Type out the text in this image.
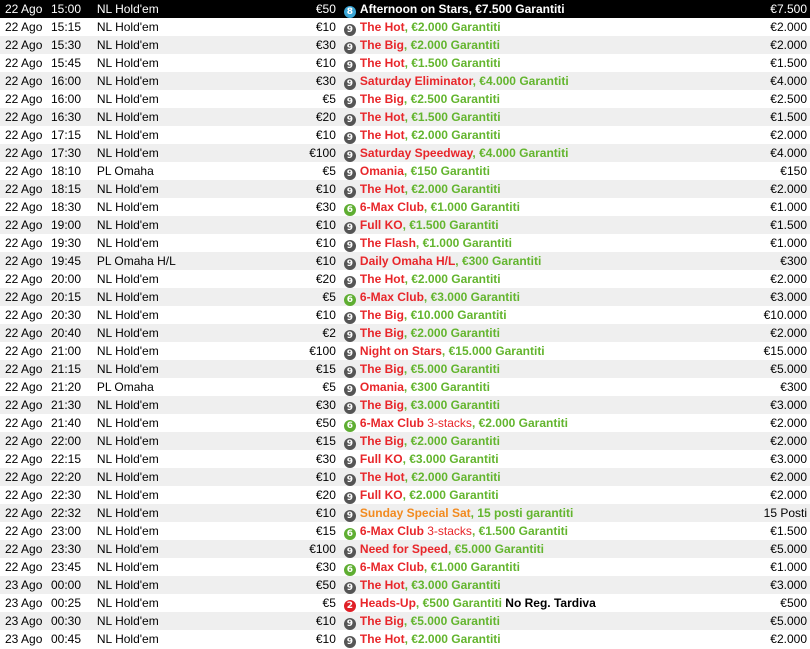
22 Ago	15:00	NL Hold'em	€50	8 Afternoon on Stars, €7.500 Garantiti	€7.500
22 Ago	15:15	NL Hold'em	€10	9 The Hot, €2.000 Garantiti	€2.000
22 Ago	15:30	NL Hold'em	€30	9 The Big, €2.000 Garantiti	€2.000
22 Ago	15:45	NL Hold'em	€10	9 The Hot, €1.500 Garantiti	€1.500
22 Ago	16:00	NL Hold'em	€30	9 Saturday Eliminator, €4.000 Garantiti	€4.000
22 Ago	16:00	NL Hold'em	€5	9 The Big, €2.500 Garantiti	€2.500
22 Ago	16:30	NL Hold'em	€20	9 The Hot, €1.500 Garantiti	€1.500
22 Ago	17:15	NL Hold'em	€10	9 The Hot, €2.000 Garantiti	€2.000
22 Ago	17:30	NL Hold'em	€100	9 Saturday Speedway, €4.000 Garantiti	€4.000
22 Ago	18:10	PL Omaha	€5	9 Omania, €150 Garantiti	€150
22 Ago	18:15	NL Hold'em	€10	9 The Hot, €2.000 Garantiti	€2.000
22 Ago	18:30	NL Hold'em	€30	6 6-Max Club, €1.000 Garantiti	€1.000
22 Ago	19:00	NL Hold'em	€10	9 Full KO, €1.500 Garantiti	€1.500
22 Ago	19:30	NL Hold'em	€10	9 The Flash, €1.000 Garantiti	€1.000
22 Ago	19:45	PL Omaha H/L	€10	9 Daily Omaha H/L, €300 Garantiti	€300
22 Ago	20:00	NL Hold'em	€20	9 The Hot, €2.000 Garantiti	€2.000
22 Ago	20:15	NL Hold'em	€5	6 6-Max Club, €3.000 Garantiti	€3.000
22 Ago	20:30	NL Hold'em	€10	9 The Big, €10.000 Garantiti	€10.000
22 Ago	20:40	NL Hold'em	€2	9 The Big, €2.000 Garantiti	€2.000
22 Ago	21:00	NL Hold'em	€100	9 Night on Stars, €15.000 Garantiti	€15.000
22 Ago	21:15	NL Hold'em	€15	9 The Big, €5.000 Garantiti	€5.000
22 Ago	21:20	PL Omaha	€5	9 Omania, €300 Garantiti	€300
22 Ago	21:30	NL Hold'em	€30	9 The Big, €3.000 Garantiti	€3.000
22 Ago	21:40	NL Hold'em	€50	6 6-Max Club 3-stacks, €2.000 Garantiti	€2.000
22 Ago	22:00	NL Hold'em	€15	9 The Big, €2.000 Garantiti	€2.000
22 Ago	22:15	NL Hold'em	€30	9 Full KO, €3.000 Garantiti	€3.000
22 Ago	22:20	NL Hold'em	€10	9 The Hot, €2.000 Garantiti	€2.000
22 Ago	22:30	NL Hold'em	€20	9 Full KO, €2.000 Garantiti	€2.000
22 Ago	22:32	NL Hold'em	€10	9 Sunday Special Sat, 15 posti garantiti	15 Posti
22 Ago	23:00	NL Hold'em	€15	6 6-Max Club 3-stacks, €1.500 Garantiti	€1.500
22 Ago	23:30	NL Hold'em	€100	9 Need for Speed, €5.000 Garantiti	€5.000
22 Ago	23:45	NL Hold'em	€30	6 6-Max Club, €1.000 Garantiti	€1.000
23 Ago	00:00	NL Hold'em	€50	9 The Hot, €3.000 Garantiti	€3.000
23 Ago	00:25	NL Hold'em	€5	2 Heads-Up, €500 Garantiti No Reg. Tardiva	€500
23 Ago	00:30	NL Hold'em	€10	9 The Big, €5.000 Garantiti	€5.000
23 Ago	00:45	NL Hold'em	€10	9 The Hot, €2.000 Garantiti	€2.000
